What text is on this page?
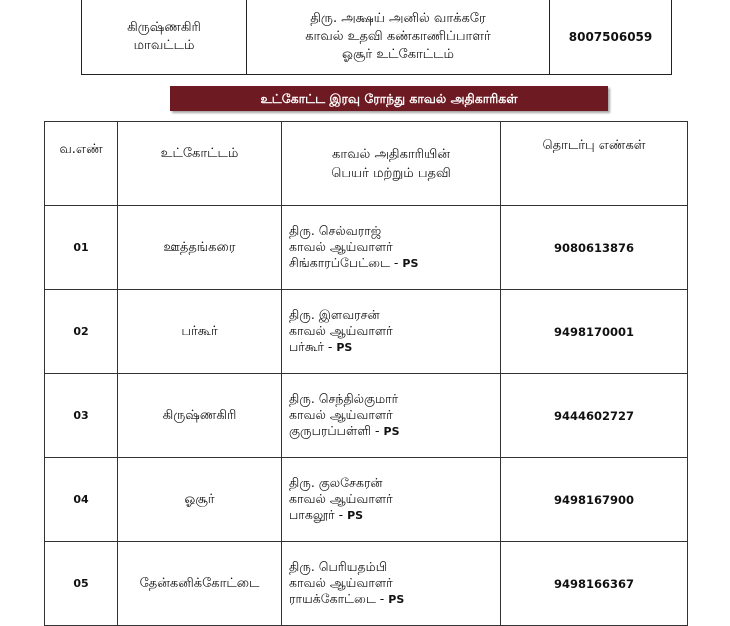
கிருஷ்ணகிரி
மாவட்டம்

திரு. அக்ஷய் அனில் வாக்கரே
காவல் உதவி கண்காணிப்பாளர்
ஓசூர் உட்கோட்டம்
	8007506059
உட்கோட்ட இரவு ரோந்து காவல் அதிகாரிகள்
வ.எண்	உட்கோட்டம்	காவல் அதிகாரியின்
பெயர் மற்றும் பதவி	தொடர்பு எண்கள்
01	ஊத்தங்கரை	திரு. செல்வராஜ்
காவல் ஆய்வாளர்
சிங்காரப்பேட்டை - PS	9080613876
02	பர்கூர்	திரு. இளவரசன்
காவல் ஆய்வாளர்
பர்கூர் - PS	9498170001
03	கிருஷ்ணகிரி	திரு. செந்தில்குமார்
காவல் ஆய்வாளர்
குருபரப்பள்ளி - PS	9444602727
04	ஓசூர்	திரு. குலசேகரன்
காவல் ஆய்வாளர்
பாகலூர் - PS	9498167900
05	தேன்கனிக்கோட்டை	திரு. பெரியதம்பி
காவல் ஆய்வாளர்
ராயக்கோட்டை - PS	9498166367
